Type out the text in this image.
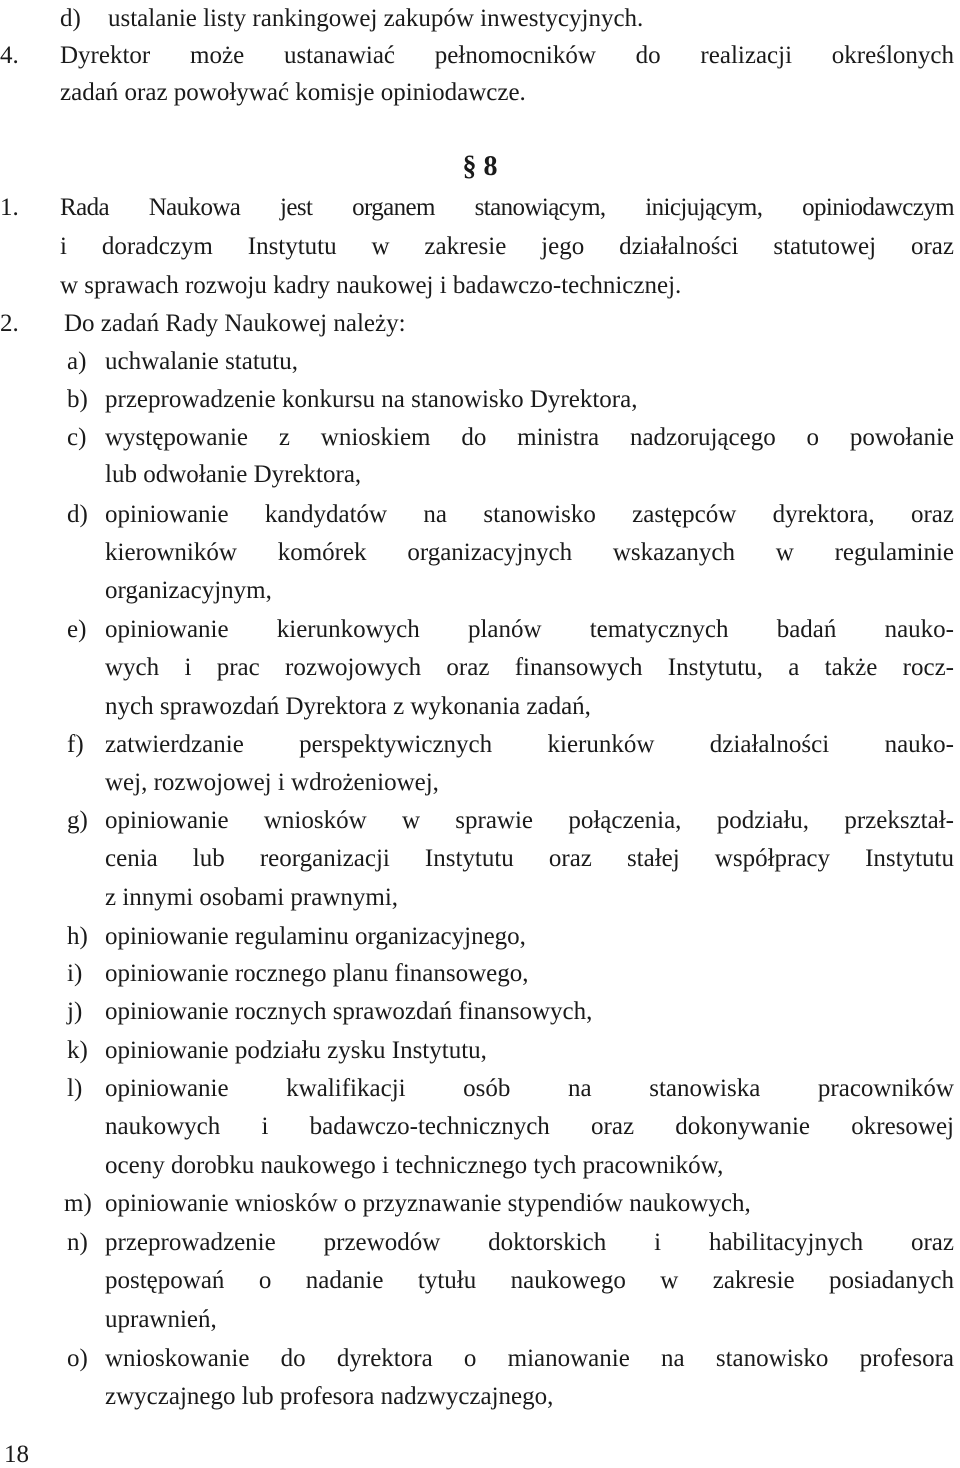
d) ustalanie listy rankingowej zakupów inwestycyjnych.
4. Dyrektor może ustanawiać pełnomocników do realizacji określonych
zadań oraz powoływać komisje opiniodawcze.
§ 8
1. Rada Naukowa jest organem stanowiącym, inicjującym, opiniodawczym
i doradczym Instytutu w zakresie jego działalności statutowej oraz
w sprawach rozwoju kadry naukowej i badawczo-technicznej.
2. Do zadań Rady Naukowej należy:
a) uchwalanie statutu,
b) przeprowadzenie konkursu na stanowisko Dyrektora,
c) występowanie z wnioskiem do ministra nadzorującego o powołanie
lub odwołanie Dyrektora,
d) opiniowanie kandydatów na stanowisko zastępców dyrektora, oraz
kierowników komórek organizacyjnych wskazanych w regulaminie
organizacyjnym,
e) opiniowanie kierunkowych planów tematycznych badań nauko-
wych i prac rozwojowych oraz finansowych Instytutu, a także rocz-
nych sprawozdań Dyrektora z wykonania zadań,
f) zatwierdzanie perspektywicznych kierunków działalności nauko-
wej, rozwojowej i wdrożeniowej,
g) opiniowanie wniosków w sprawie połączenia, podziału, przekształ-
cenia lub reorganizacji Instytutu oraz stałej współpracy Instytutu
z innymi osobami prawnymi,
h) opiniowanie regulaminu organizacyjnego,
i) opiniowanie rocznego planu finansowego,
j) opiniowanie rocznych sprawozdań finansowych,
k) opiniowanie podziału zysku Instytutu,
l) opiniowanie kwalifikacji osób na stanowiska pracowników
naukowych i badawczo-technicznych oraz dokonywanie okresowej
oceny dorobku naukowego i technicznego tych pracowników,
m) opiniowanie wniosków o przyznawanie stypendiów naukowych,
n) przeprowadzenie przewodów doktorskich i habilitacyjnych oraz
postępowań o nadanie tytułu naukowego w zakresie posiadanych
uprawnień,
o) wnioskowanie do dyrektora o mianowanie na stanowisko profesora
zwyczajnego lub profesora nadzwyczajnego,
18
